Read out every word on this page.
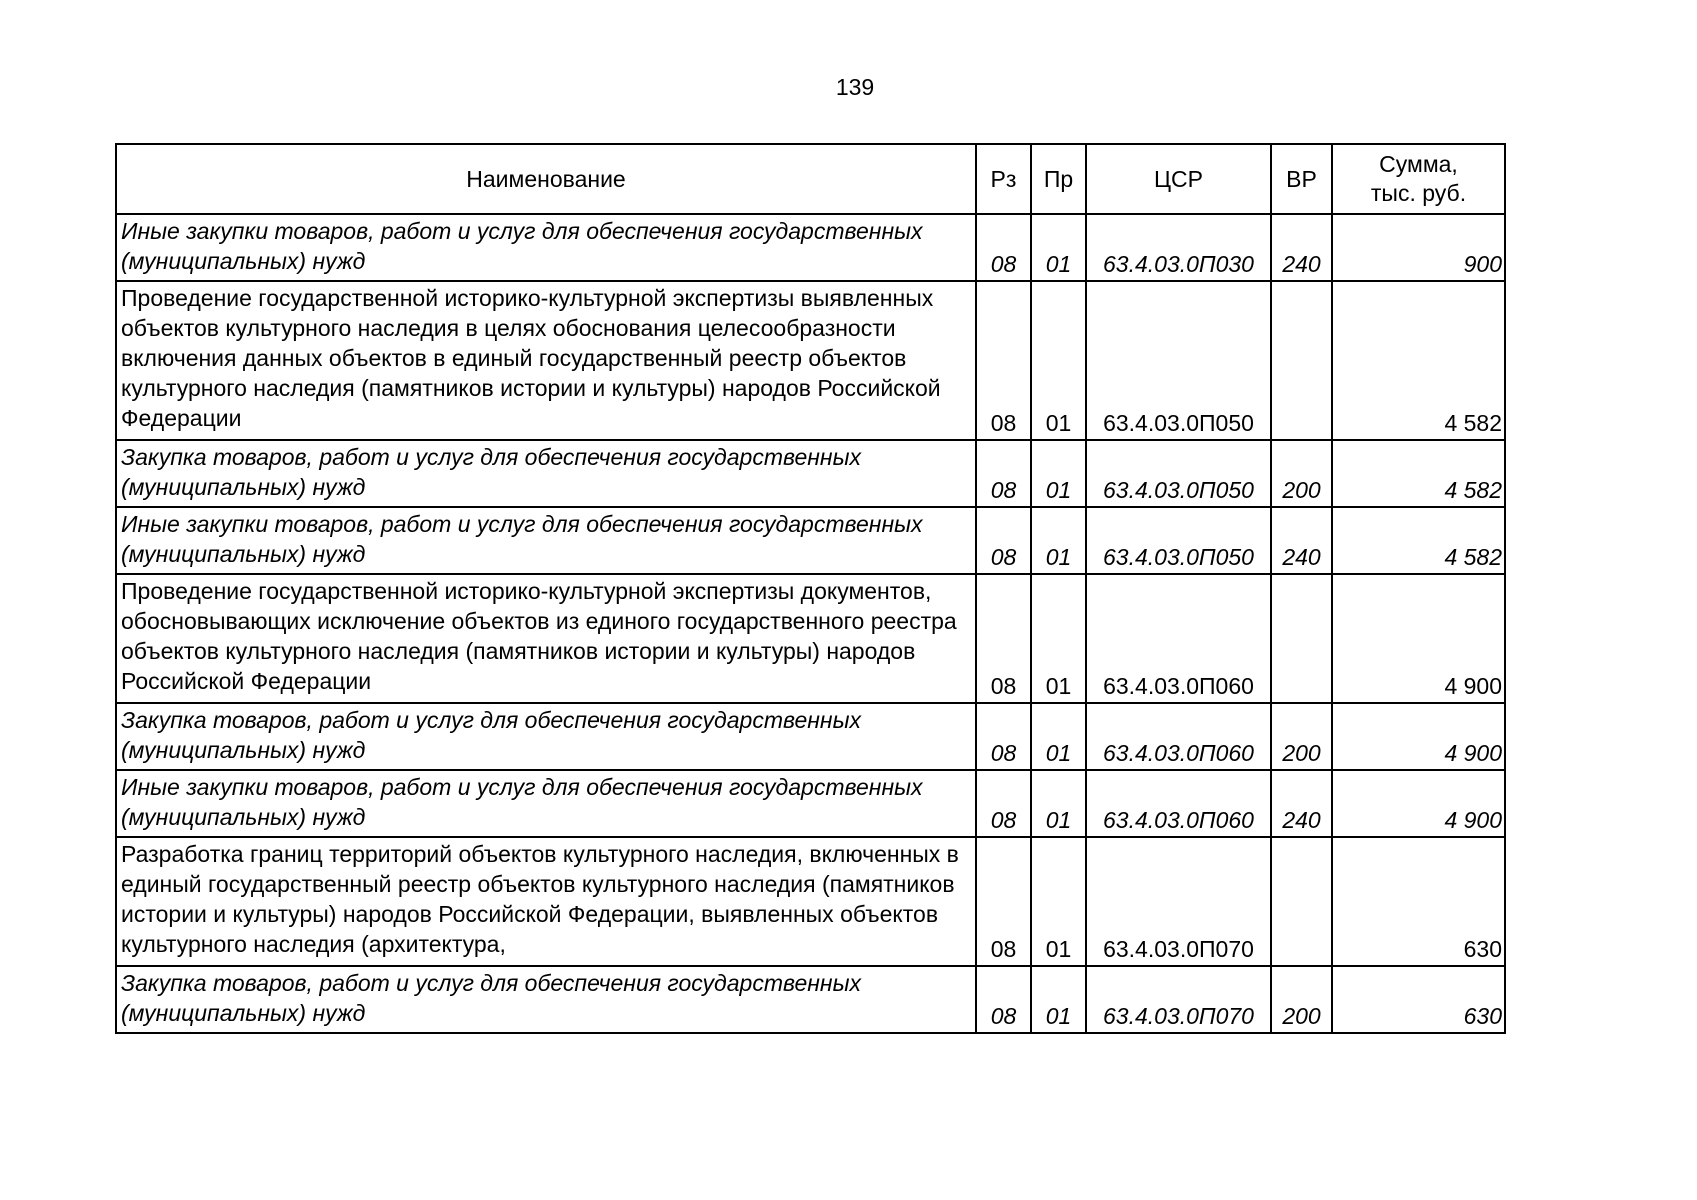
139
Наименование	Рз	Пр	ЦСР	ВР	Сумма,
тыс. руб.

Иные закупки товаров, работ и услуг для обеспечения государственных (муниципальных) нужд	08	01	63.4.03.0П030	240	900
Проведение государственной историко-культурной экспертизы выявленных объектов культурного наследия в целях обоснования целесообразности включения данных объектов в единый государственный реестр объектов культурного наследия (памятников истории и культуры) народов Российской Федерации	08	01	63.4.03.0П050		4 582
Закупка товаров, работ и услуг для обеспечения государственных (муниципальных) нужд	08	01	63.4.03.0П050	200	4 582
Иные закупки товаров, работ и услуг для обеспечения государственных (муниципальных) нужд	08	01	63.4.03.0П050	240	4 582
Проведение государственной историко-культурной экспертизы документов, обосновывающих исключение объектов из единого государственного реестра объектов культурного наследия (памятников истории и культуры) народов Российской Федерации	08	01	63.4.03.0П060		4 900
Закупка товаров, работ и услуг для обеспечения государственных (муниципальных) нужд	08	01	63.4.03.0П060	200	4 900
Иные закупки товаров, работ и услуг для обеспечения государственных (муниципальных) нужд	08	01	63.4.03.0П060	240	4 900

Разработка границ территорий объектов культурного наследия, включенных в единый государственный реестр объектов культурного наследия (памятников истории и культуры) народов Российской Федерации, выявленных объектов культурного наследия (архитектура,	08	01	63.4.03.0П070		630
Закупка товаров, работ и услуг для обеспечения государственных (муниципальных) нужд	08	01	63.4.03.0П070	200	630
